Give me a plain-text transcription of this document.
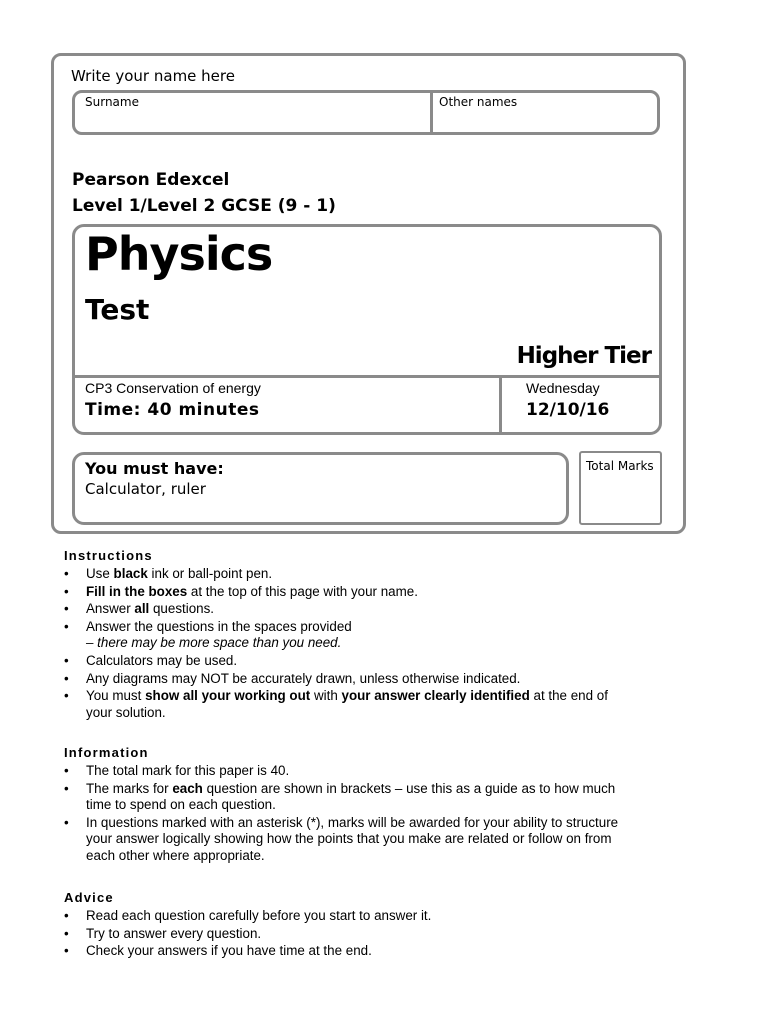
Write your name here
Surname	Other names
Pearson Edexcel
Level 1/Level 2 GCSE (9 - 1)
Physics
Test
Higher Tier
CP3 Conservation of energy
Time: 40 minutes
Wednesday
12/10/16
You must have:
Calculator, ruler
Total Marks
Instructions
• Use black ink or ball-point pen.
• Fill in the boxes at the top of this page with your name.
• Answer all questions.
• Answer the questions in the spaces provided
– there may be more space than you need.
• Calculators may be used.
• Any diagrams may NOT be accurately drawn, unless otherwise indicated.
• You must show all your working out with your answer clearly identified at the end of
your solution.
Information
• The total mark for this paper is 40.
• The marks for each question are shown in brackets – use this as a guide as to how much
time to spend on each question.
• In questions marked with an asterisk (*), marks will be awarded for your ability to structure
your answer logically showing how the points that you make are related or follow on from
each other where appropriate.
Advice
• Read each question carefully before you start to answer it.
• Try to answer every question.
• Check your answers if you have time at the end.
